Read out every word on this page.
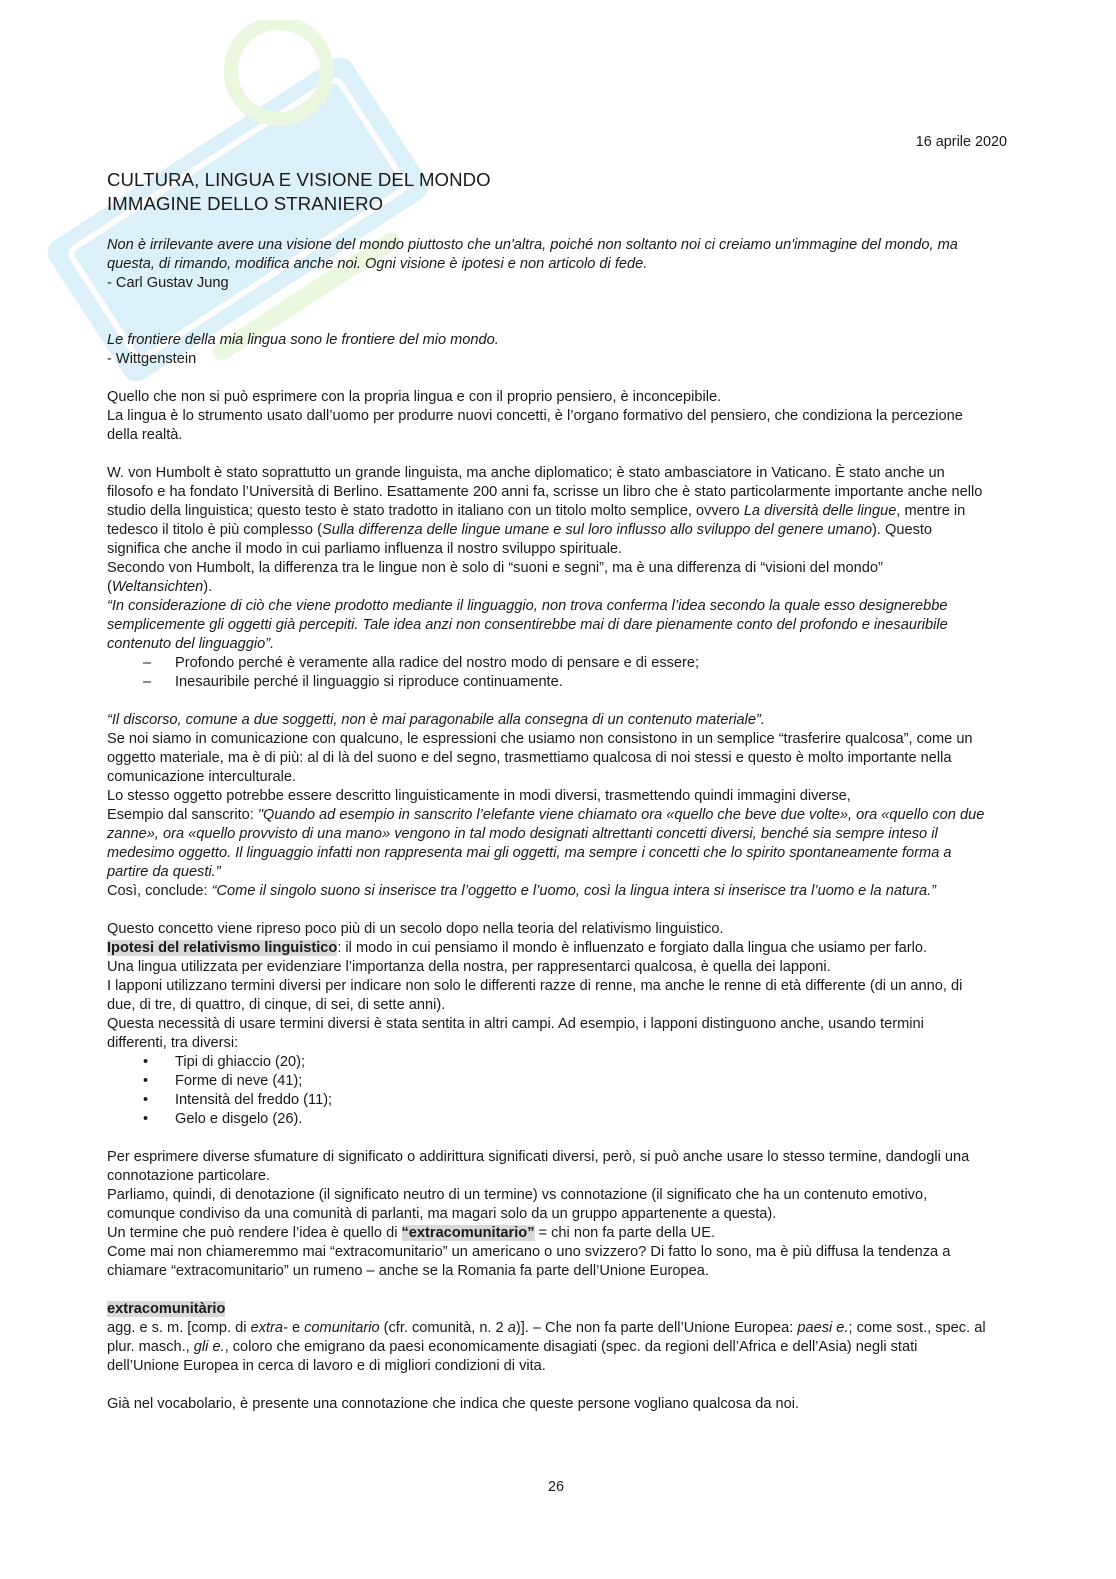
16 aprile 2020
CULTURA, LINGUA E VISIONE DEL MONDO
IMMAGINE DELLO STRANIERO

Non è irrilevante avere una visione del mondo piuttosto che un'altra, poiché non soltanto noi ci creiamo un'immagine del mondo, ma questa, di rimando, modifica anche noi. Ogni visione è ipotesi e non articolo di fede.

- Carl Gustav Jung

Le frontiere della mia lingua sono le frontiere del mio mondo.

- Wittgenstein

Quello che non si può esprimere con la propria lingua e con il proprio pensiero, è inconcepibile.

La lingua è lo strumento usato dall’uomo per produrre nuovi concetti, è l’organo formativo del pensiero, che condiziona la percezione della realtà.

W. von Humbolt è stato soprattutto un grande linguista, ma anche diplomatico; è stato ambasciatore in Vaticano. È stato anche un filosofo e ha fondato l’Università di Berlino. Esattamente 200 anni fa, scrisse un libro che è stato particolarmente importante anche nello studio della linguistica; questo testo è stato tradotto in italiano con un titolo molto semplice, ovvero La diversità delle lingue, mentre in tedesco il titolo è più complesso (Sulla differenza delle lingue umane e sul loro influsso allo sviluppo del genere umano). Questo significa che anche il modo in cui parliamo influenza il nostro sviluppo spirituale.

Secondo von Humbolt, la differenza tra le lingue non è solo di “suoni e segni”, ma è una differenza di “visioni del mondo” (Weltansichten).

“In considerazione di ciò che viene prodotto mediante il linguaggio, non trova conferma l’idea secondo la quale esso designerebbe semplicemente gli oggetti già percepiti. Tale idea anzi non consentirebbe mai di dare pienamente conto del profondo e inesauribile contenuto del linguaggio”.

– Profondo perché è veramente alla radice del nostro modo di pensare e di essere;
– Inesauribile perché il linguaggio si riproduce continuamente.

“Il discorso, comune a due soggetti, non è mai paragonabile alla consegna di un contenuto materiale”.

Se noi siamo in comunicazione con qualcuno, le espressioni che usiamo non consistono in un semplice “trasferire qualcosa”, come un oggetto materiale, ma è di più: al di là del suono e del segno, trasmettiamo qualcosa di noi stessi e questo è molto importante nella comunicazione interculturale.

Lo stesso oggetto potrebbe essere descritto linguisticamente in modi diversi, trasmettendo quindi immagini diverse,

Esempio dal sanscrito: "Quando ad esempio in sanscrito l’elefante viene chiamato ora «quello che beve due volte», ora «quello con due zanne», ora «quello provvisto di una mano» vengono in tal modo designati altrettanti concetti diversi, benché sia sempre inteso il medesimo oggetto. Il linguaggio infatti non rappresenta mai gli oggetti, ma sempre i concetti che lo spirito spontaneamente forma a partire da questi.”

Così, conclude: “Come il singolo suono si inserisce tra l’oggetto e l’uomo, così la lingua intera si inserisce tra l’uomo e la natura.”

Questo concetto viene ripreso poco più di un secolo dopo nella teoria del relativismo linguistico.

Ipotesi del relativismo linguistico: il modo in cui pensiamo il mondo è influenzato e forgiato dalla lingua che usiamo per farlo.

Una lingua utilizzata per evidenziare l’importanza della nostra, per rappresentarci qualcosa, è quella dei lapponi.

I lapponi utilizzano termini diversi per indicare non solo le differenti razze di renne, ma anche le renne di età differente (di un anno, di due, di tre, di quattro, di cinque, di sei, di sette anni).

Questa necessità di usare termini diversi è stata sentita in altri campi. Ad esempio, i lapponi distinguono anche, usando termini differenti, tra diversi:

• Tipi di ghiaccio (20);
• Forme di neve (41);
• Intensità del freddo (11);
• Gelo e disgelo (26).

Per esprimere diverse sfumature di significato o addirittura significati diversi, però, si può anche usare lo stesso termine, dandogli una connotazione particolare.

Parliamo, quindi, di denotazione (il significato neutro di un termine) vs connotazione (il significato che ha un contenuto emotivo, comunque condiviso da una comunità di parlanti, ma magari solo da un gruppo appartenente a questa).

Un termine che può rendere l’idea è quello di “extracomunitario” = chi non fa parte della UE.

Come mai non chiameremmo mai “extracomunitario” un americano o uno svizzero? Di fatto lo sono, ma è più diffusa la tendenza a chiamare “extracomunitario” un rumeno – anche se la Romania fa parte dell’Unione Europea.

extracomunitàrio

agg. e s. m. [comp. di extra- e comunitario (cfr. comunità, n. 2 a)]. – Che non fa parte dell’Unione Europea: paesi e.; come sost., spec. al plur. masch., gli e., coloro che emigrano da paesi economicamente disagiati (spec. da regioni dell’Africa e dell’Asia) negli stati dell’Unione Europea in cerca di lavoro e di migliori condizioni di vita.

Già nel vocabolario, è presente una connotazione che indica che queste persone vogliano qualcosa da noi.

26
